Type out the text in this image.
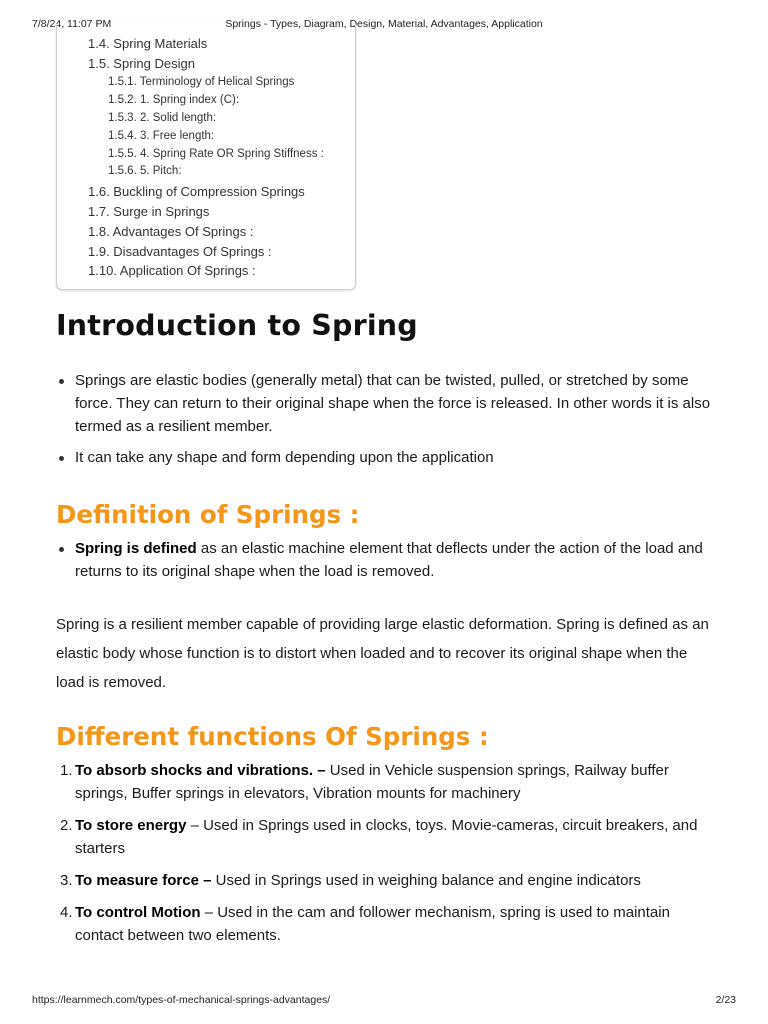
7/8/24, 11:07 PM	Springs - Types, Diagram, Design, Material, Advantages, Application
1.4. Spring Materials
1.5. Spring Design
1.5.1. Terminology of Helical Springs
1.5.2. 1. Spring index (C):
1.5.3. 2. Solid length:
1.5.4. 3. Free length:
1.5.5. 4. Spring Rate OR Spring Stiffness :
1.5.6. 5. Pitch:
1.6. Buckling of Compression Springs
1.7. Surge in Springs
1.8. Advantages Of Springs :
1.9. Disadvantages Of Springs :
1.10. Application Of Springs :
Introduction to Spring
Springs are elastic bodies (generally metal) that can be twisted, pulled, or stretched by some force. They can return to their original shape when the force is released. In other words it is also termed as a resilient member.
It can take any shape and form depending upon the application
Definition of Springs :
Spring is defined as an elastic machine element that deflects under the action of the load and returns to its original shape when the load is removed.
Spring is a resilient member capable of providing large elastic deformation. Spring is defined as an elastic body whose function is to distort when loaded and to recover its original shape when the load is removed.
Different functions Of Springs :
1. To absorb shocks and vibrations. – Used in Vehicle suspension springs, Railway buffer springs, Buffer springs in elevators, Vibration mounts for machinery
2. To store energy – Used in Springs used in clocks, toys. Movie-cameras, circuit breakers, and starters
3. To measure force – Used in Springs used in weighing balance and engine indicators
4. To control Motion – Used in the cam and follower mechanism, spring is used to maintain contact between two elements.
https://learnmech.com/types-of-mechanical-springs-advantages/	2/23
